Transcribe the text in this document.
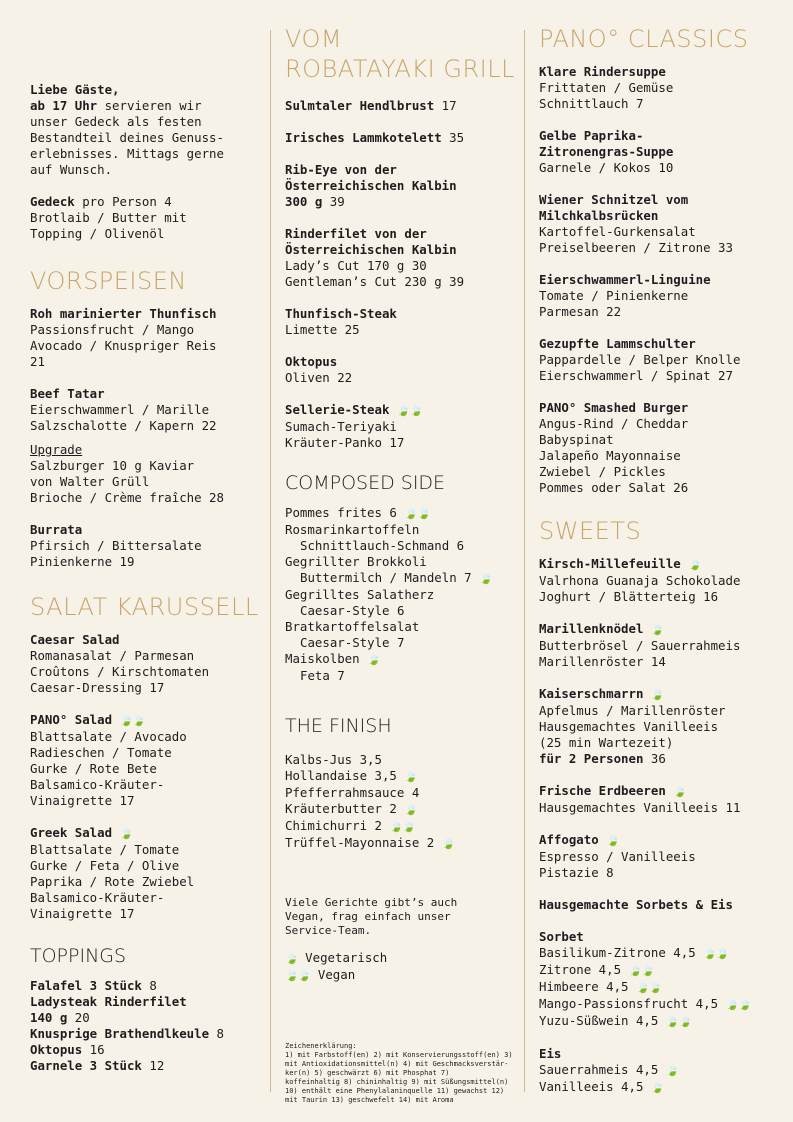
Liebe Gäste,
ab 17 Uhr servieren wir
unser Gedeck als festen
Bestandteil deines Genuss-
erlebnisses. Mittags gerne
auf Wunsch.
Gedeck pro Person 4
Brotlaib / Butter mit
Topping / Olivenöl
VORSPEISEN
Roh marinierter Thunfisch
Passionsfrucht / Mango
Avocado / Knuspriger Reis
21
Beef Tatar
Eierschwammerl / Marille
Salzschalotte / Kapern 22
Upgrade
Salzburger 10 g Kaviar
von Walter Grüll
Brioche / Crème fraîche 28
Burrata
Pfirsich / Bittersalate
Pinienkerne 19
SALAT KARUSSELL
Caesar Salad
Romanasalat / Parmesan
Croûtons / Kirschtomaten
Caesar-Dressing 17
PANO° Salad 🍃🍃
Blattsalate / Avocado
Radieschen / Tomate
Gurke / Rote Bete
Balsamico-Kräuter-
Vinaigrette 17
Greek Salad 🍃
Blattsalate / Tomate
Gurke / Feta / Olive
Paprika / Rote Zwiebel
Balsamico-Kräuter-
Vinaigrette 17
TOPPINGS
Falafel 3 Stück 8
Ladysteak Rinderfilet
140 g 20
Knusprige Brathendlkeule 8
Oktopus 16
Garnele 3 Stück 12
VOM
ROBATAYAKI GRILL
Sulmtaler Hendlbrust 17
Irisches Lammkotelett 35
Rib-Eye von der
Österreichischen Kalbin
300 g 39
Rinderfilet von der
Österreichischen Kalbin
Lady’s Cut 170 g 30
Gentleman’s Cut 230 g 39
Thunfisch-Steak
Limette 25
Oktopus
Oliven 22
Sellerie-Steak 🍃🍃
Sumach-Teriyaki
Kräuter-Panko 17
COMPOSED SIDE
Pommes frites 6 🍃🍃
Rosmarinkartoffeln
Schnittlauch-Schmand 6
Gegrillter Brokkoli
Buttermilch / Mandeln 7 🍃
Gegrilltes Salatherz
Caesar-Style 6
Bratkartoffelsalat
Caesar-Style 7
Maiskolben 🍃
Feta 7
THE FINISH
Kalbs-Jus 3,5
Hollandaise 3,5 🍃
Pfefferrahmsauce 4
Kräuterbutter 2 🍃
Chimichurri 2 🍃🍃
Trüffel-Mayonnaise 2 🍃
Viele Gerichte gibt’s auch
Vegan, frag einfach unser
Service-Team.
🍃 Vegetarisch
🍃🍃 Vegan
Zeichenerklärung:
1) mit Farbstoff(en) 2) mit Konservierungsstoff(en) 3)
mit Antioxidationsmittel(n) 4) mit Geschmacksverstär-
ker(n) 5) geschwärzt 6) mit Phosphat 7)
koffeinhaltig 8) chininhaltig 9) mit Süßungsmittel(n)
10) enthält eine Phenylalaninquelle 11) gewachst 12)
mit Taurin 13) geschwefelt 14) mit Aroma
PANO° CLASSICS
Klare Rindersuppe
Frittaten / Gemüse
Schnittlauch 7
Gelbe Paprika-
Zitronengras-Suppe
Garnele / Kokos 10
Wiener Schnitzel vom
Milchkalbsrücken
Kartoffel-Gurkensalat
Preiselbeeren / Zitrone 33
Eierschwammerl-Linguine
Tomate / Pinienkerne
Parmesan 22
Gezupfte Lammschulter
Pappardelle / Belper Knolle
Eierschwammerl / Spinat 27
PANO° Smashed Burger
Angus-Rind / Cheddar
Babyspinat
Jalapeño Mayonnaise
Zwiebel / Pickles
Pommes oder Salat 26
SWEETS
Kirsch-Millefeuille 🍃
Valrhona Guanaja Schokolade
Joghurt / Blätterteig 16
Marillenknödel 🍃
Butterbrösel / Sauerrahmeis
Marillenröster 14
Kaiserschmarrn 🍃
Apfelmus / Marillenröster
Hausgemachtes Vanilleeis
(25 min Wartezeit)
für 2 Personen 36
Frische Erdbeeren 🍃
Hausgemachtes Vanilleeis 11
Affogato 🍃
Espresso / Vanilleeis
Pistazie 8
Hausgemachte Sorbets & Eis
Sorbet
Basilikum-Zitrone 4,5 🍃🍃
Zitrone 4,5 🍃🍃
Himbeere 4,5 🍃🍃
Mango-Passionsfrucht 4,5 🍃🍃
Yuzu-Süßwein 4,5 🍃🍃
Eis
Sauerrahmeis 4,5 🍃
Vanilleeis 4,5 🍃
